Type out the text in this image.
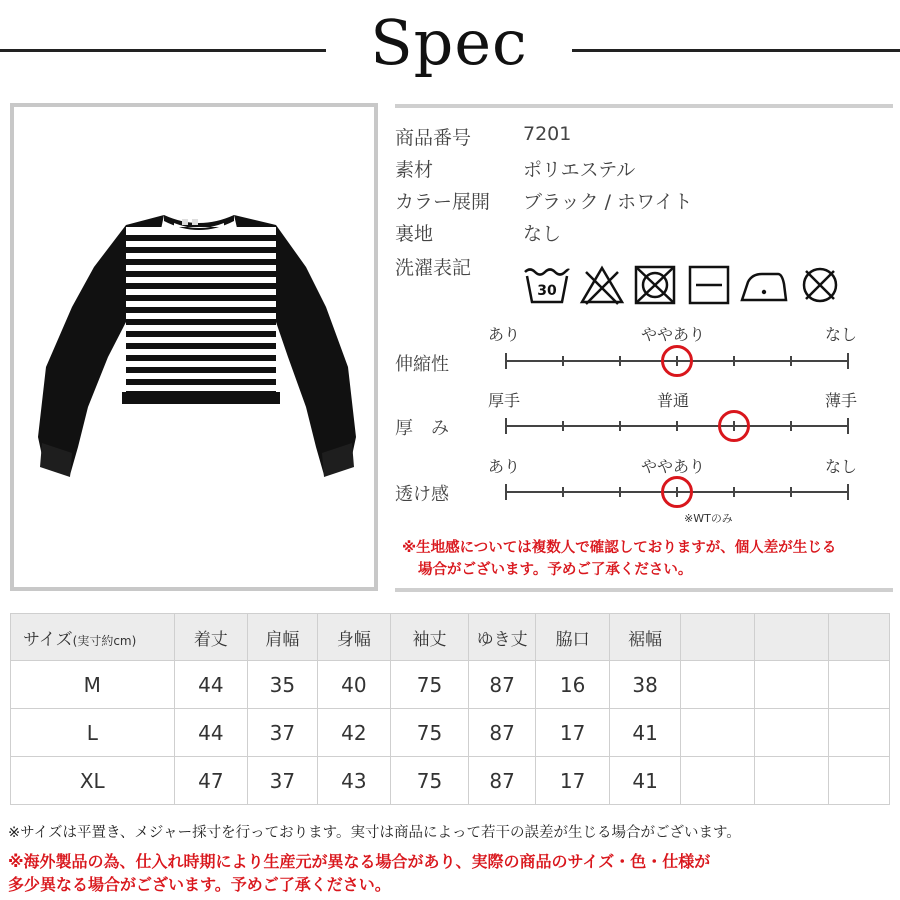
Spec
商品番号	7201
素材	ポリエステル
カラー展開 ブラック / ホワイト
裏地	なし
洗濯表記
30
あり	ややあり	なし
伸縮性
厚手	普通	薄手
厚　み
あり	ややあり	なし
透け感
※WTのみ
※生地感については複数人で確認しておりますが、個人差が生じる
場合がございます。予めご了承ください。
サイズ(実寸約cm)	着丈	肩幅	身幅	袖丈	ゆき丈	脇口	裾幅			
M	44	35	40	75	87	16	38			
L	44	37	42	75	87	17	41			
XL	47	37	43	75	87	17	41			
※サイズは平置き、メジャー採寸を行っております。実寸は商品によって若干の誤差が生じる場合がございます。
※海外製品の為、仕入れ時期により生産元が異なる場合があり、実際の商品のサイズ・色・仕様が
多少異なる場合がございます。予めご了承ください。
